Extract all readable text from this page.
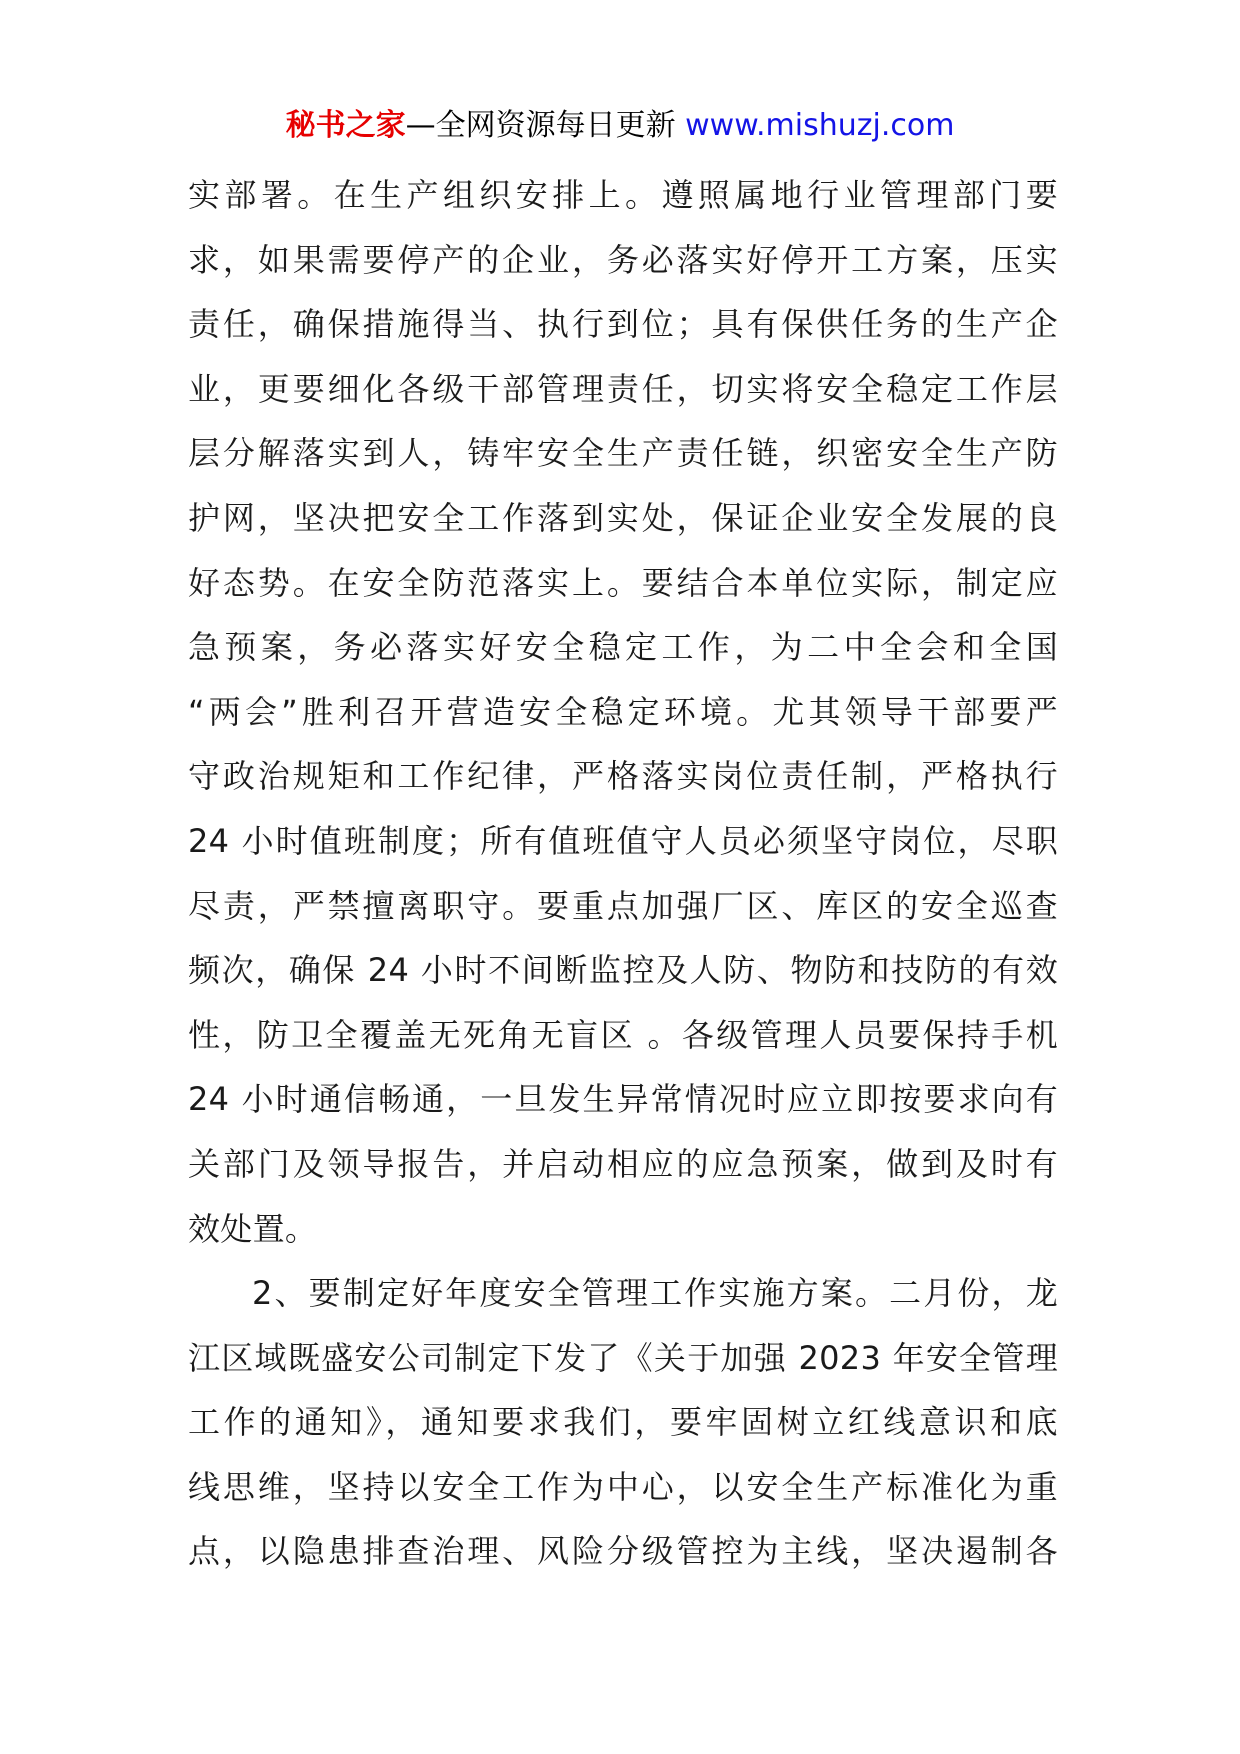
秘书之家—全网资源每日更新 www.mishuzj.com

实部署。在生产组织安排上。遵照属地行业管理部门要
求，如果需要停产的企业，务必落实好停开工方案，压实
责任，确保措施得当、执行到位；具有保供任务的生产企
业，更要细化各级干部管理责任，切实将安全稳定工作层
层分解落实到人，铸牢安全生产责任链，织密安全生产防
护网，坚决把安全工作落到实处，保证企业安全发展的良
好态势。在安全防范落实上。要结合本单位实际，制定应
急预案，务必落实好安全稳定工作，为二中全会和全国
“两会”胜利召开营造安全稳定环境。尤其领导干部要严
守政治规矩和工作纪律，严格落实岗位责任制，严格执行
24 小时值班制度；所有值班值守人员必须坚守岗位，尽职
尽责，严禁擅离职守。要重点加强厂区、库区的安全巡查
频次，确保 24 小时不间断监控及人防、物防和技防的有效
性，防卫全覆盖无死角无盲区 。各级管理人员要保持手机
24 小时通信畅通，一旦发生异常情况时应立即按要求向有
关部门及领导报告，并启动相应的应急预案，做到及时有
效处置。

2、要制定好年度安全管理工作实施方案。二月份，龙
江区域既盛安公司制定下发了《关于加强 2023 年安全管理
工作的通知》，通知要求我们，要牢固树立红线意识和底
线思维，坚持以安全工作为中心，以安全生产标准化为重
点，以隐患排查治理、风险分级管控为主线，坚决遏制各
